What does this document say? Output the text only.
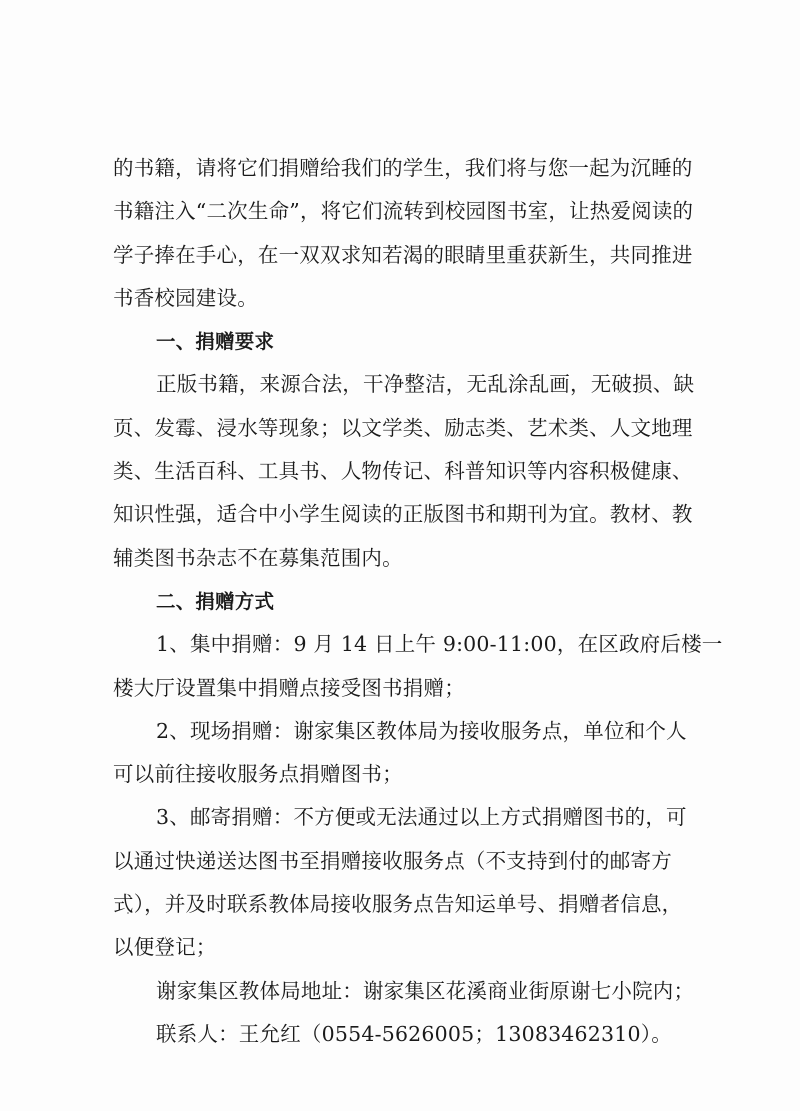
的书籍，请将它们捐赠给我们的学生，我们将与您一起为沉睡的
书籍注入“二次生命”，将它们流转到校园图书室，让热爱阅读的
学子捧在手心，在一双双求知若渴的眼睛里重获新生，共同推进
书香校园建设。
一、捐赠要求
正版书籍，来源合法，干净整洁，无乱涂乱画，无破损、缺
页、发霉、浸水等现象；以文学类、励志类、艺术类、人文地理
类、生活百科、工具书、人物传记、科普知识等内容积极健康、
知识性强，适合中小学生阅读的正版图书和期刊为宜。教材、教
辅类图书杂志不在募集范围内。
二、捐赠方式
1、集中捐赠：9 月 14 日上午 9:00-11:00，在区政府后楼一
楼大厅设置集中捐赠点接受图书捐赠；
2、现场捐赠：谢家集区教体局为接收服务点，单位和个人
可以前往接收服务点捐赠图书；
3、邮寄捐赠：不方便或无法通过以上方式捐赠图书的，可
以通过快递送达图书至捐赠接收服务点（不支持到付的邮寄方
式），并及时联系教体局接收服务点告知运单号、捐赠者信息，
以便登记；
谢家集区教体局地址：谢家集区花溪商业街原谢七小院内；
联系人：王允红（0554-5626005；13083462310）。
